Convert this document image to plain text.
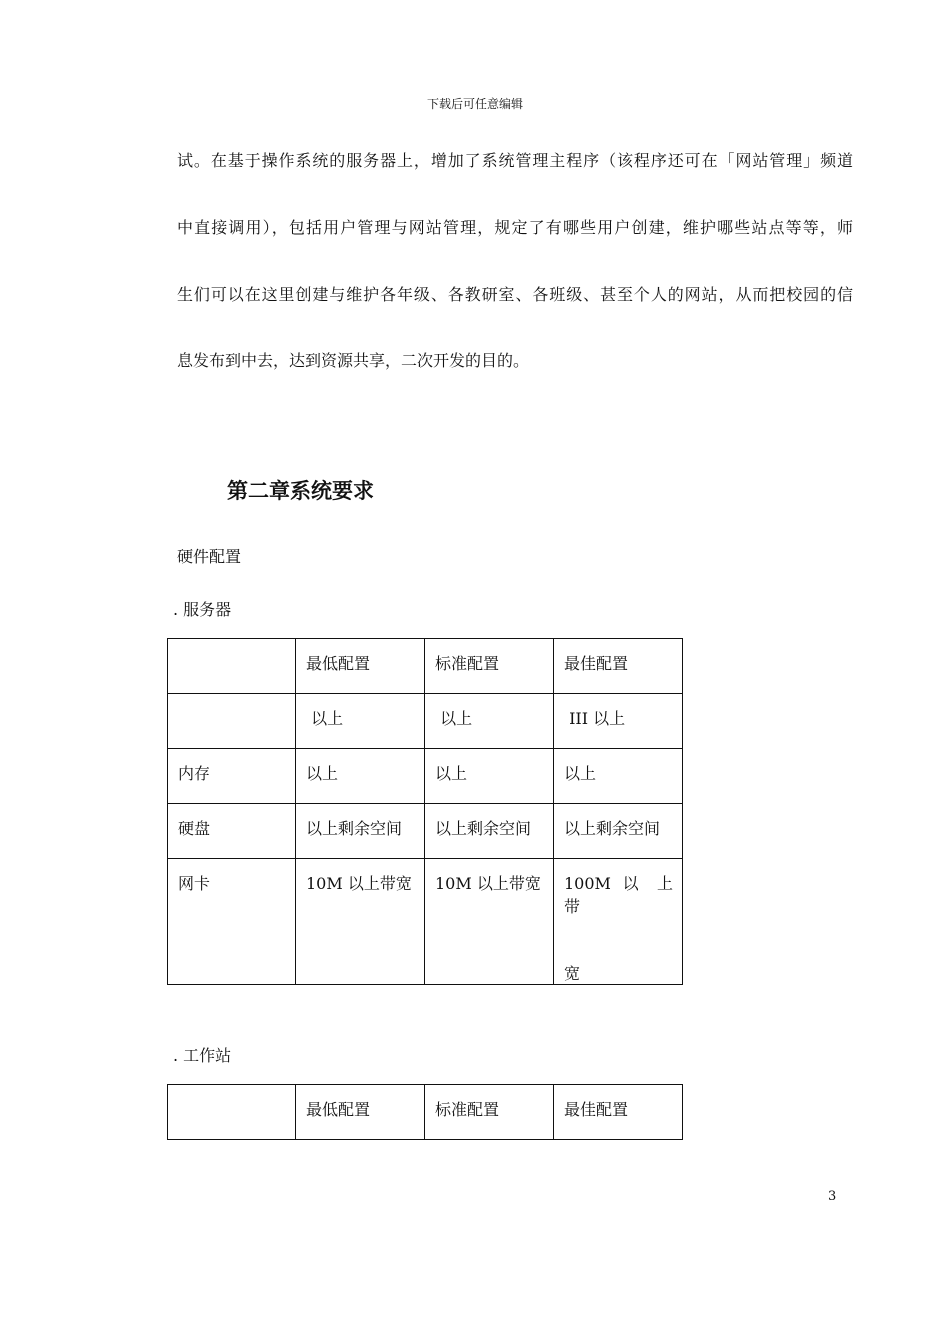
下载后可任意编辑
试。在基于操作系统的服务器上，增加了系统管理主程序（该程序还可在「网站管理」频道
中直接调用），包括用户管理与网站管理，规定了有哪些用户创建，维护哪些站点等等，师
生们可以在这里创建与维护各年级、各教研室、各班级、甚至个人的网站，从而把校园的信
息发布到中去，达到资源共享，二次开发的目的。
第二章系统要求
硬件配置
. 服务器
	最低配置	标准配置	最佳配置
	以上	以上	III 以上
内存	以上	以上	以上
硬盘	以上剩余空间	以上剩余空间	以上剩余空间
网卡	10M 以上带宽	10M 以上带宽	100M 以 上 带
宽
. 工作站
	最低配置	标准配置	最佳配置
3
